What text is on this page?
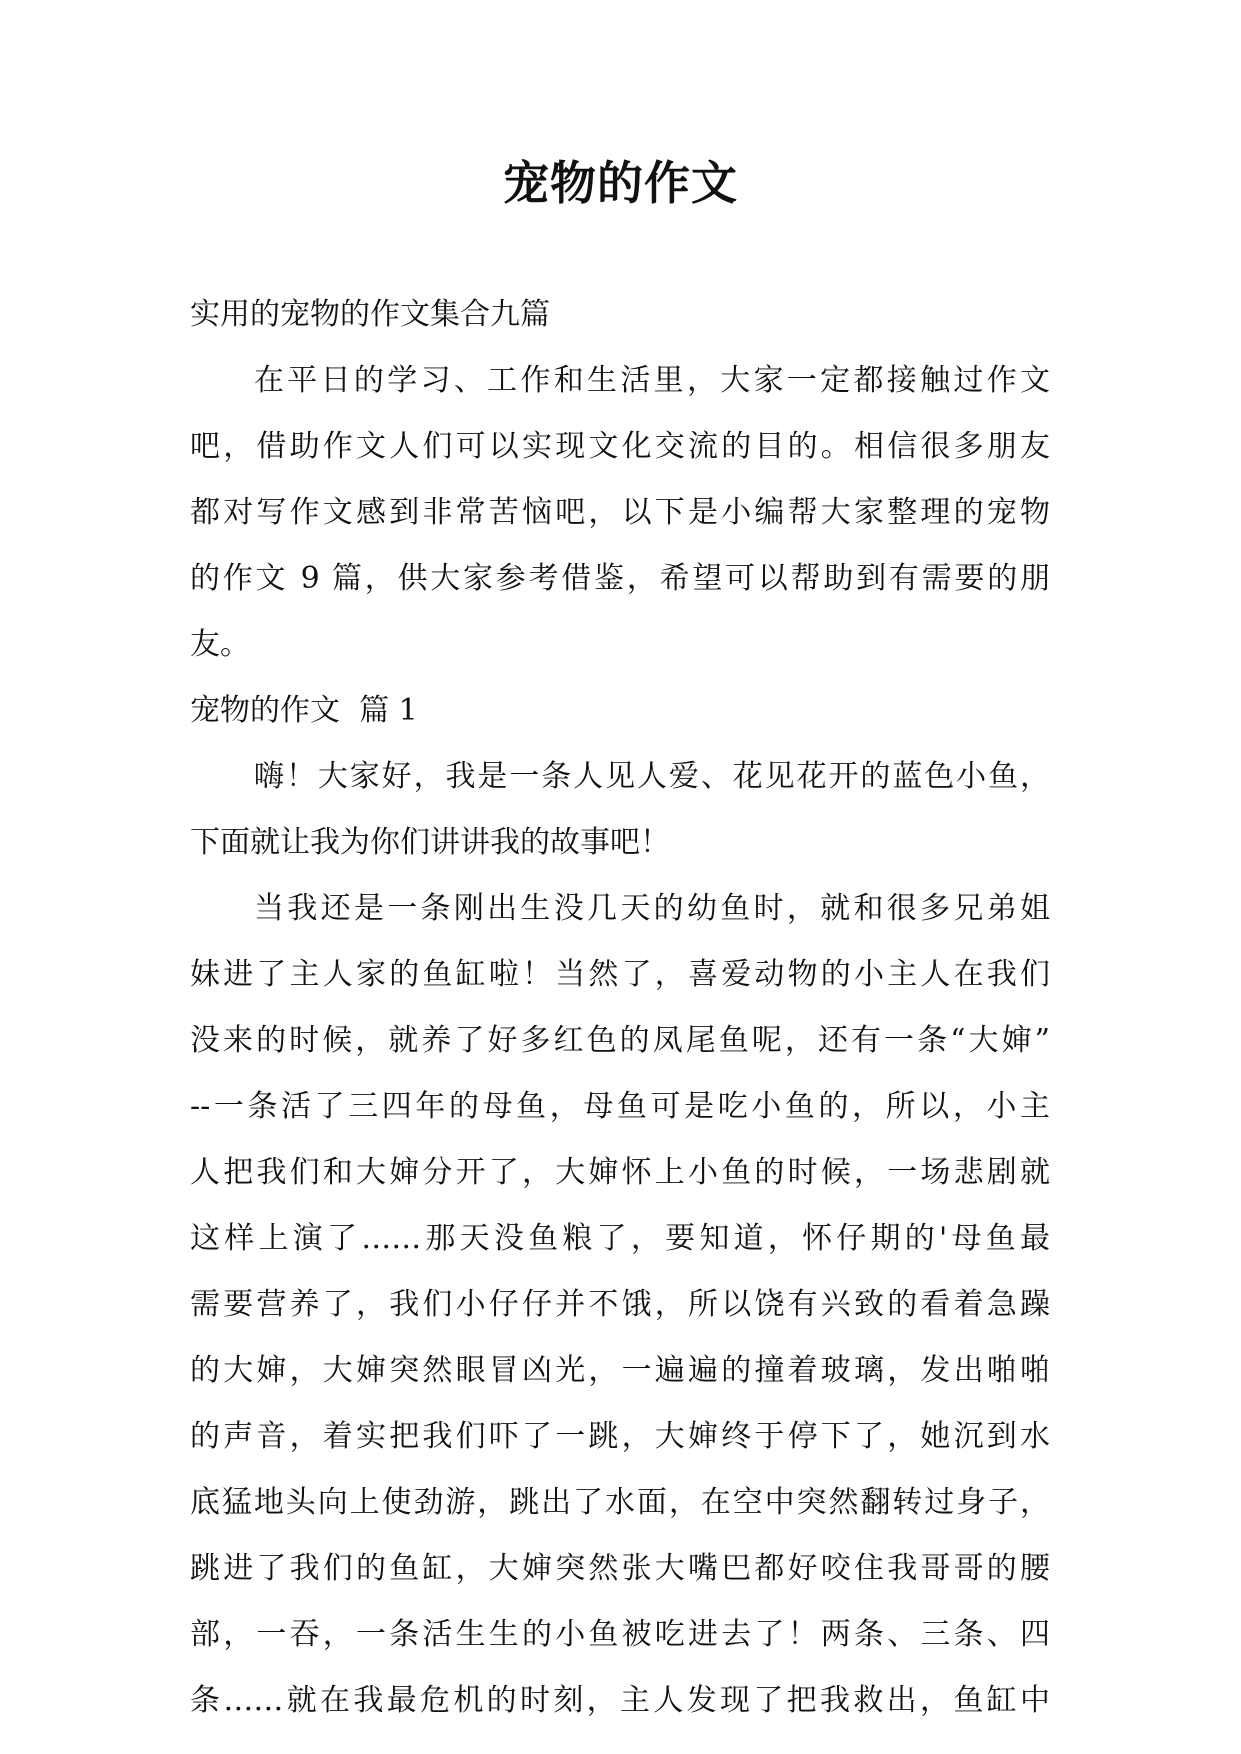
宠物的作文
实用的宠物的作文集合九篇
在平日的学习、工作和生活里，大家一定都接触过作文
吧，借助作文人们可以实现文化交流的目的。相信很多朋友
都对写作文感到非常苦恼吧，以下是小编帮大家整理的宠物
的作文 9 篇，供大家参考借鉴，希望可以帮助到有需要的朋
友。
宠物的作文  篇 1
嗨！大家好，我是一条人见人爱、花见花开的蓝色小鱼，
下面就让我为你们讲讲我的故事吧！
当我还是一条刚出生没几天的幼鱼时，就和很多兄弟姐
妹进了主人家的鱼缸啦！当然了，喜爱动物的小主人在我们
没来的时候，就养了好多红色的凤尾鱼呢，还有一条“大婶”
--一条活了三四年的母鱼，母鱼可是吃小鱼的，所以，小主
人把我们和大婶分开了，大婶怀上小鱼的时候，一场悲剧就
这样上演了……那天没鱼粮了，要知道，怀仔期的'母鱼最
需要营养了，我们小仔仔并不饿，所以饶有兴致的看着急躁
的大婶，大婶突然眼冒凶光，一遍遍的撞着玻璃，发出啪啪
的声音，着实把我们吓了一跳，大婶终于停下了，她沉到水
底猛地头向上使劲游，跳出了水面，在空中突然翻转过身子，
跳进了我们的鱼缸，大婶突然张大嘴巴都好咬住我哥哥的腰
部，一吞，一条活生生的小鱼被吃进去了！两条、三条、四
条……就在我最危机的时刻，主人发现了把我救出，鱼缸中
